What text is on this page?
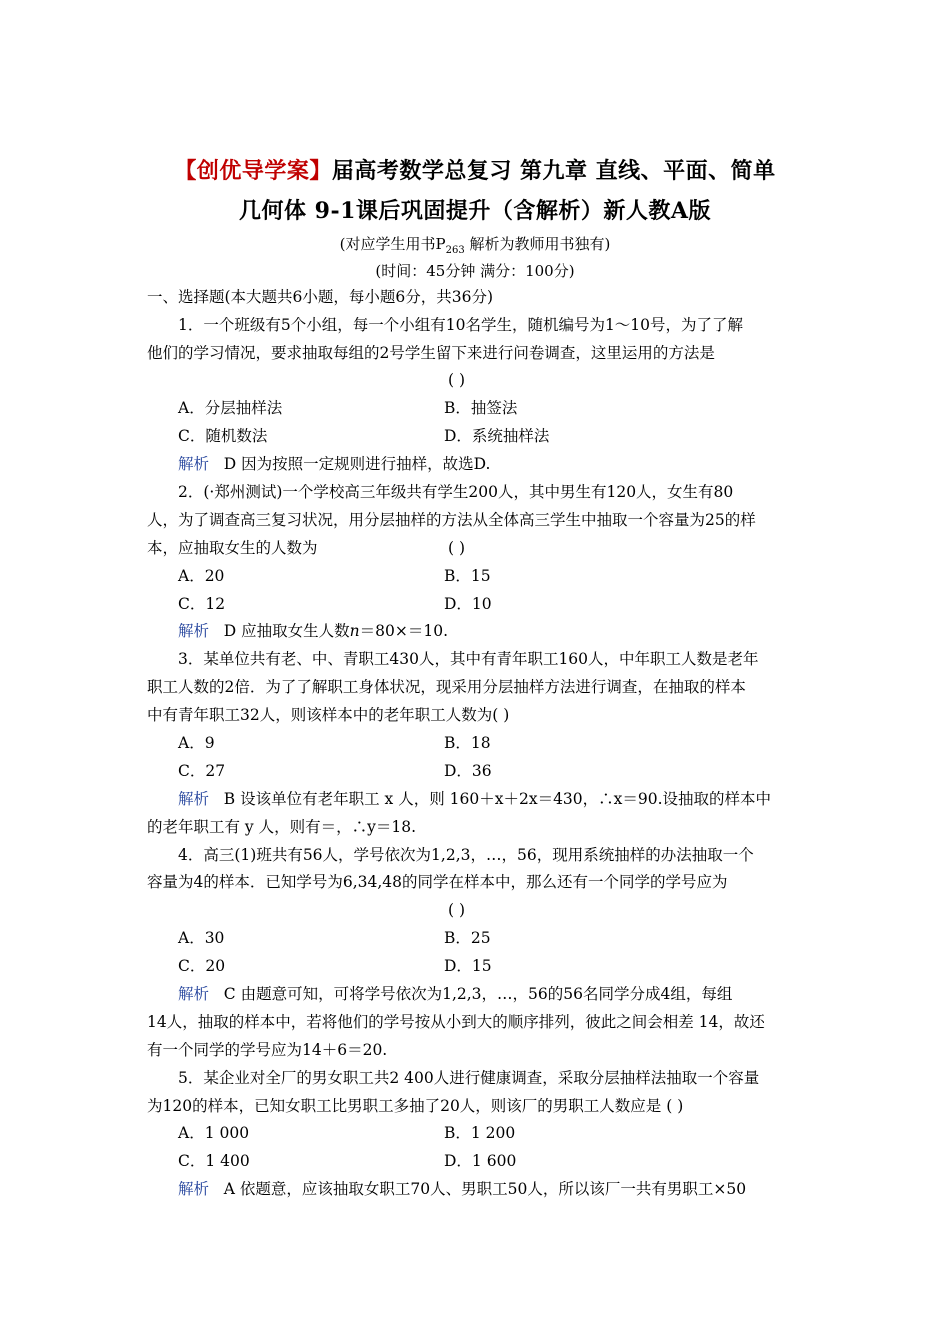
【创优导学案】届高考数学总复习 第九章 直线、平面、简单
几何体 9-1课后巩固提升（含解析）新人教A版
(对应学生用书$P_{263}$ 解析为教师用书独有)
(时间：45分钟 满分：100分)
一、选择题(本大题共6小题，每小题6分，共36分)
1．一个班级有5个小组，每一个小组有10名学生，随机编号为1～10号，为了了解
他们的学习情况，要求抽取每组的2号学生留下来进行问卷调查，这里运用的方法是
( )
A．分层抽样法	B．抽签法
C．随机数法	D．系统抽样法
解析 D 因为按照一定规则进行抽样，故选D.
2．(·郑州测试)一个学校高三年级共有学生200人，其中男生有120人，女生有80
人，为了调查高三复习状况，用分层抽样的方法从全体高三学生中抽取一个容量为25的样
本，应抽取女生的人数为	( )
A．20	B．15
C．12	D．10
解析 D 应抽取女生人数n＝80×＝10.
3．某单位共有老、中、青职工430人，其中有青年职工160人，中年职工人数是老年
职工人数的2倍．为了了解职工身体状况，现采用分层抽样方法进行调查，在抽取的样本
中有青年职工32人，则该样本中的老年职工人数为( )
A．9	B．18
C．27	D．36
解析 B 设该单位有老年职工 x 人，则 160＋x＋2x＝430，∴x＝90.设抽取的样本中
的老年职工有 y 人，则有＝，∴y＝18.
4．高三(1)班共有56人，学号依次为1,2,3，…，56，现用系统抽样的办法抽取一个
容量为4的样本．已知学号为6,34,48的同学在样本中，那么还有一个同学的学号应为
( )
A．30	B．25
C．20	D．15
解析 C 由题意可知，可将学号依次为1,2,3，…，56的56名同学分成4组，每组
14人，抽取的样本中，若将他们的学号按从小到大的顺序排列，彼此之间会相差 14，故还
有一个同学的学号应为14＋6＝20.
5．某企业对全厂的男女职工共2 400人进行健康调查，采取分层抽样法抽取一个容量
为120的样本，已知女职工比男职工多抽了20人，则该厂的男职工人数应是 ( )
A．1 000	B．1 200
C．1 400	D．1 600
解析 A 依题意，应该抽取女职工70人、男职工50人，所以该厂一共有男职工×50
